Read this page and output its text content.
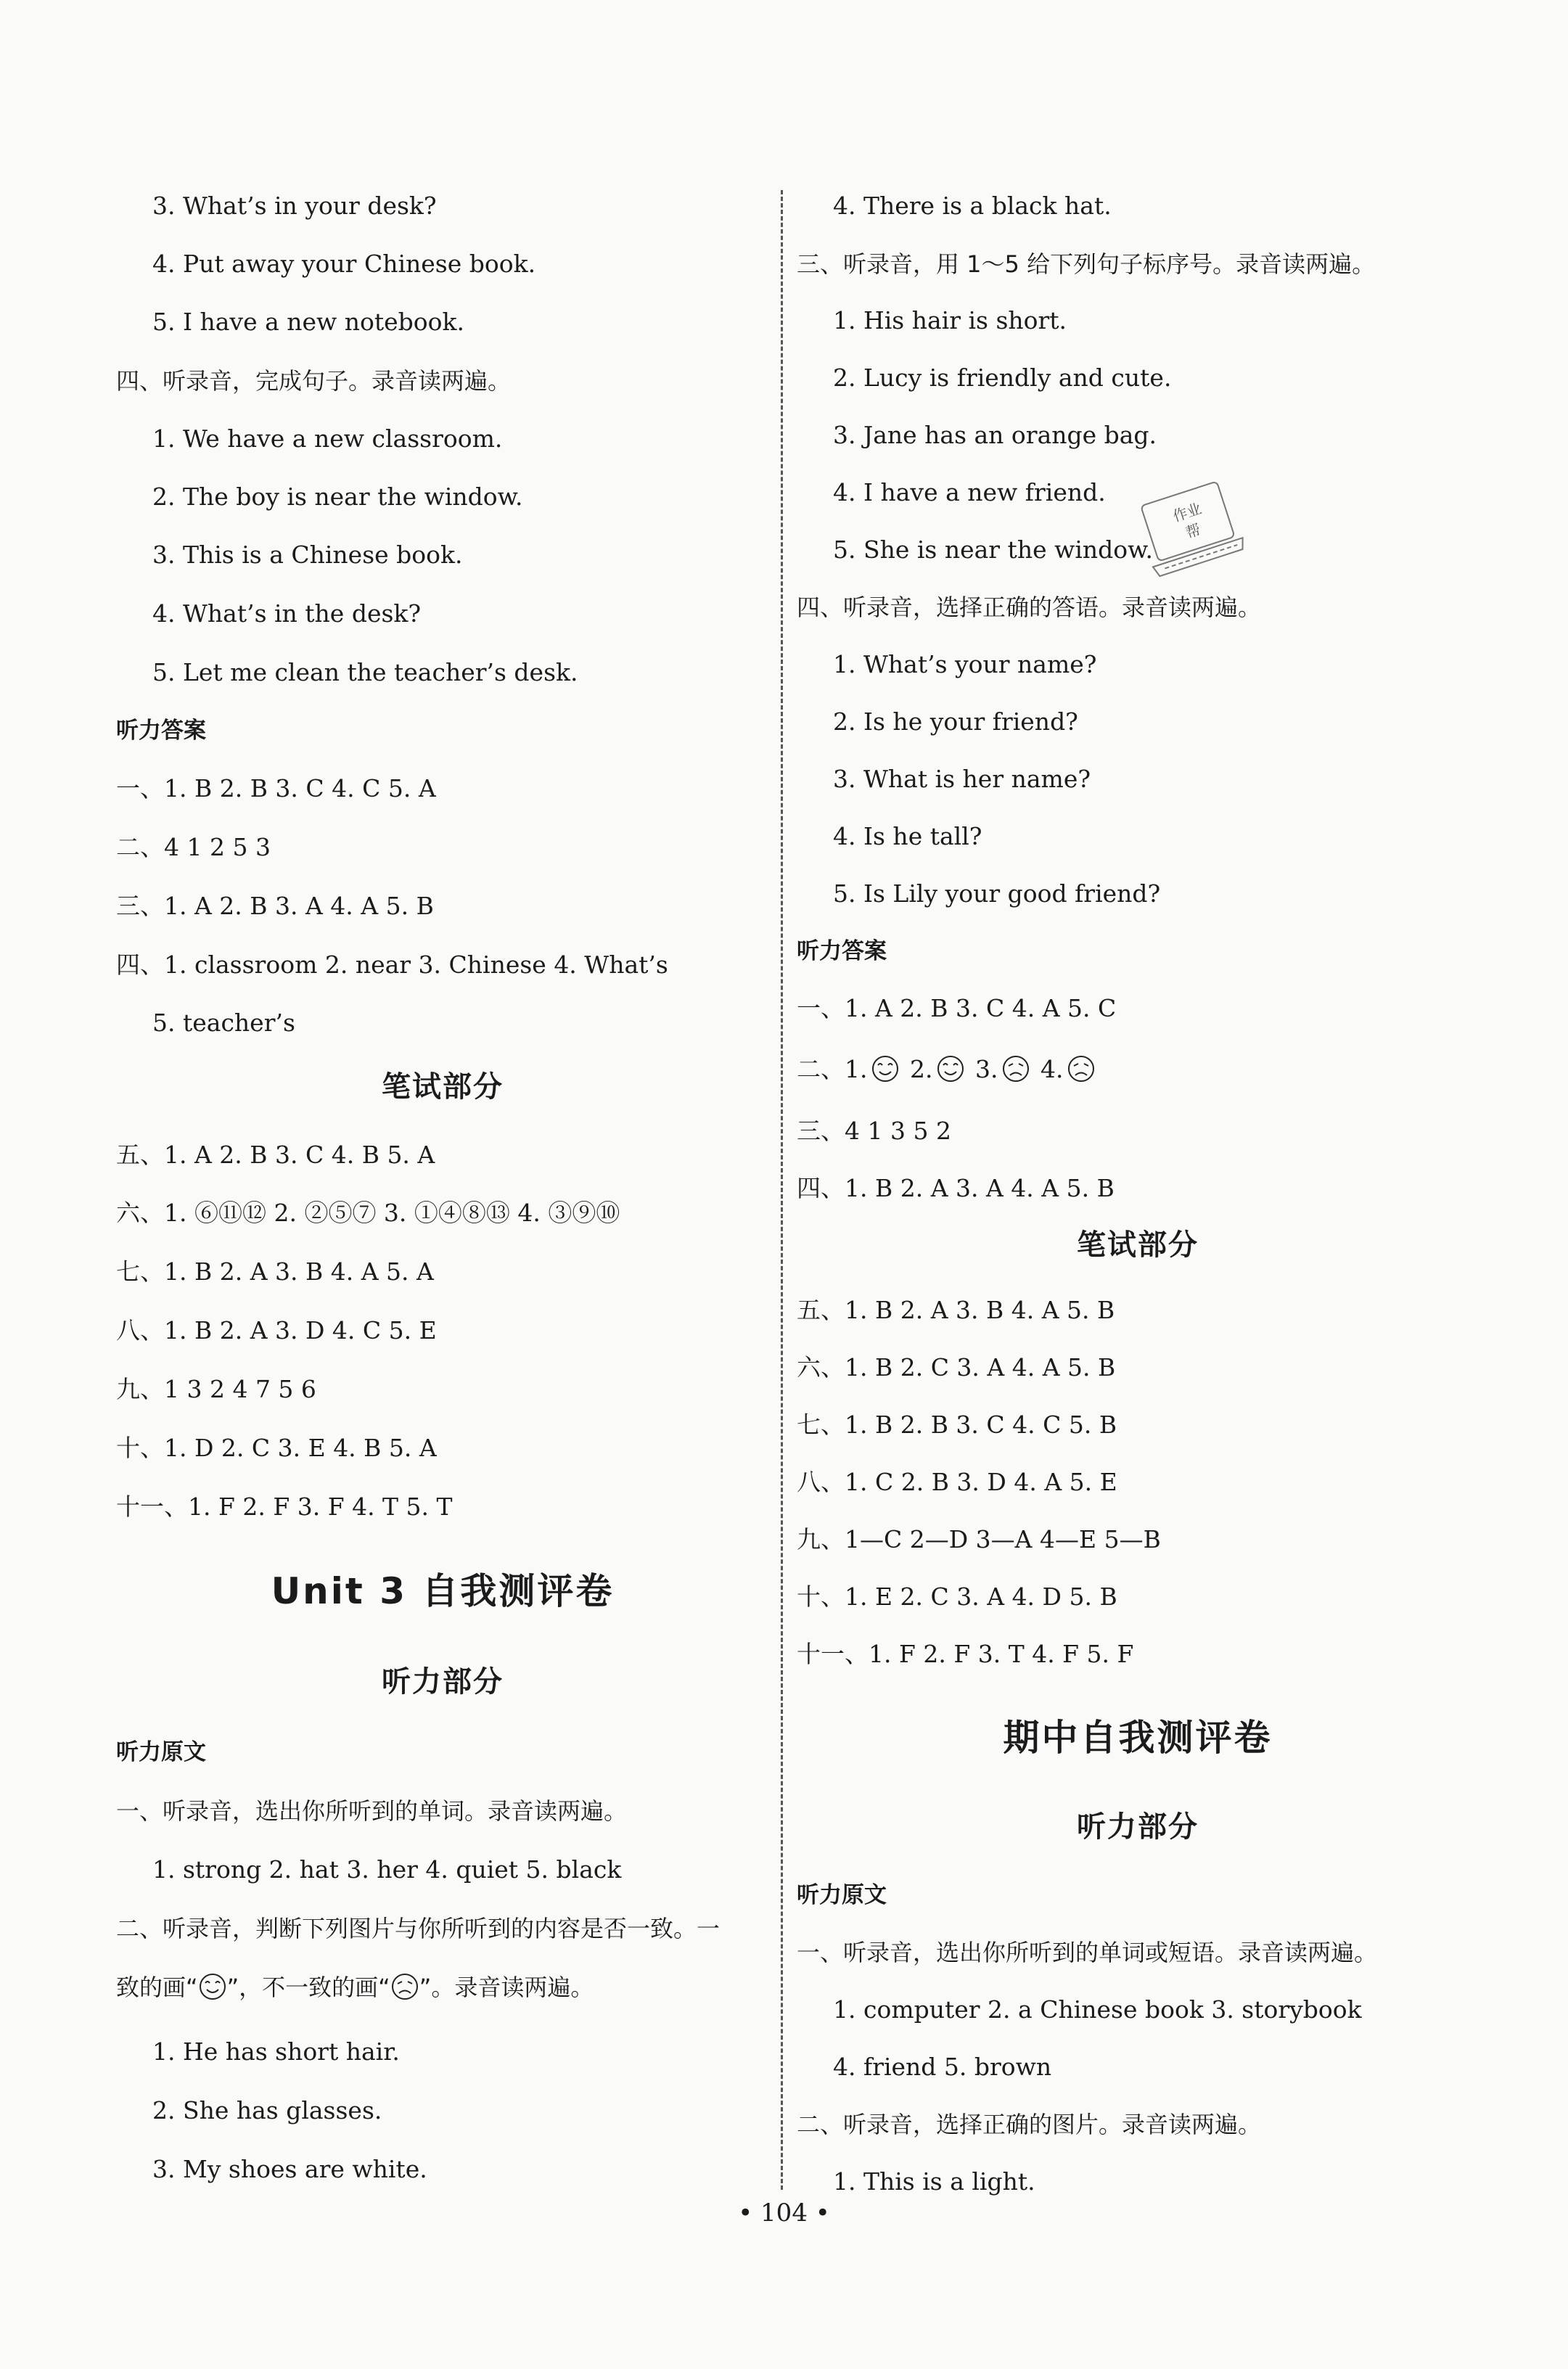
3. What’s in your desk?
4. Put away your Chinese book.
5. I have a new notebook.
四、听录音，完成句子。录音读两遍。
1. We have a new classroom.
2. The boy is near the window.
3. This is a Chinese book.
4. What’s in the desk?
5. Let me clean the teacher’s desk.
听力答案
一、1. B 2. B 3. C 4. C 5. A
二、4 1 2 5 3
三、1. A 2. B 3. A 4. A 5. B
四、1. classroom 2. near 3. Chinese 4. What’s
5. teacher’s
笔试部分
五、1. A 2. B 3. C 4. B 5. A
六、1. ⑥⑪⑫ 2. ②⑤⑦ 3. ①④⑧⑬ 4. ③⑨⑩
七、1. B 2. A 3. B 4. A 5. A
八、1. B 2. A 3. D 4. C 5. E
九、1 3 2 4 7 5 6
十、1. D 2. C 3. E 4. B 5. A
十一、1. F 2. F 3. F 4. T 5. T
Unit 3 自我测评卷
听力部分
听力原文
一、听录音，选出你所听到的单词。录音读两遍。
1. strong 2. hat 3. her 4. quiet 5. black
二、听录音，判断下列图片与你所听到的内容是否一致。一
致的画“ ”，不一致的画“ ”。录音读两遍。
1. He has short hair.
2. She has glasses.
3. My shoes are white.
4. There is a black hat.
三、听录音，用 1～5 给下列句子标序号。录音读两遍。
1. His hair is short.
2. Lucy is friendly and cute.
3. Jane has an orange bag.
4. I have a new friend.
5. She is near the window.
四、听录音，选择正确的答语。录音读两遍。
1. What’s your name?
2. Is he your friend?
3. What is her name?
4. Is he tall?
5. Is Lily your good friend?
听力答案
一、1. A 2. B 3. C 4. A 5. C
二、1. 2. 3. 4.
三、4 1 3 5 2
四、1. B 2. A 3. A 4. A 5. B
笔试部分
五、1. B 2. A 3. B 4. A 5. B
六、1. B 2. C 3. A 4. A 5. B
七、1. B 2. B 3. C 4. C 5. B
八、1. C 2. B 3. D 4. A 5. E
九、1—C 2—D 3—A 4—E 5—B
十、1. E 2. C 3. A 4. D 5. B
十一、1. F 2. F 3. T 4. F 5. F
期中自我测评卷
听力部分
听力原文
一、听录音，选出你所听到的单词或短语。录音读两遍。
1. computer 2. a Chinese book 3. storybook
4. friend 5. brown
二、听录音，选择正确的图片。录音读两遍。
1. This is a light.
作业
帮
• 104 •
